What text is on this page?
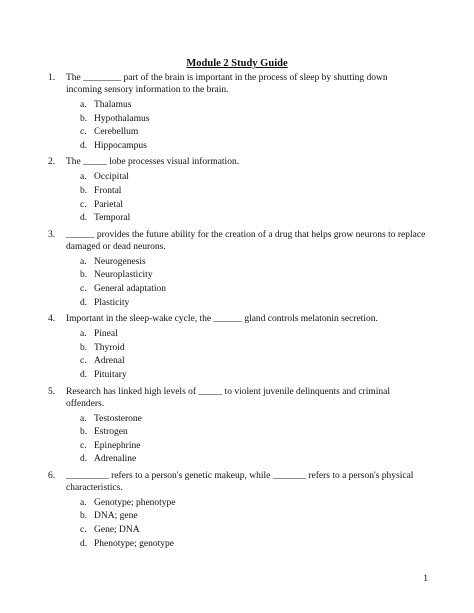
Module 2 Study Guide
1.	The ________ part of the brain is important in the process of sleep by shutting down
incoming sensory information to the brain.
a. Thalamus
b. Hypothalamus
c. Cerebellum
d. Hippocampus
2.	The _____ lobe processes visual information.
a. Occipital
b. Frontal
c. Parietal
d. Temporal
3.	______ provides the future ability for the creation of a drug that helps grow neurons to replace
damaged or dead neurons.
a. Neurogenesis
b. Neuroplasticity
c. General adaptation
d. Plasticity
4.	Important in the sleep-wake cycle, the ______ gland controls melatonin secretion.
a. Pineal
b. Thyroid
c. Adrenal
d. Pituitary
5.	Research has linked high levels of _____ to violent juvenile delinquents and criminal
offenders.
a. Testosterone
b. Estrogen
c. Epinephrine
d. Adrenaline
6.	_________ refers to a person's genetic makeup, while _______ refers to a person's physical
characteristics.
a. Genotype; phenotype
b. DNA; gene
c. Gene; DNA
d. Phenotype; genotype
1
